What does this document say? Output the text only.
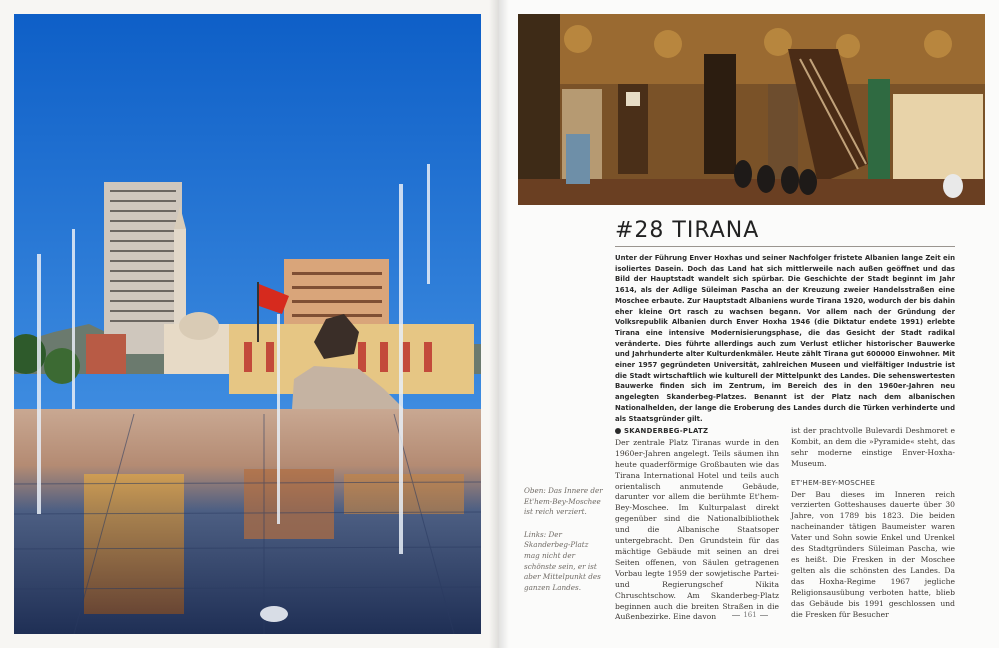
Oben: Das Innere der Et'hem-Bey-Moschee ist reich verziert.

Links: Der Skanderbeg-Platz mag nicht der schönste sein, er ist aber Mittelpunkt des ganzen Landes.

#28 TIRANA
Unter der Führung Enver Hoxhas und seiner Nachfolger fristete Albanien lange Zeit ein isoliertes Dasein. Doch das Land hat sich mittlerweile nach außen geöffnet und das Bild der Hauptstadt wandelt sich spürbar. Die Geschichte der Stadt beginnt im Jahr 1614, als der Adlige Süleiman Pascha an der Kreuzung zweier Handelsstraßen eine Moschee erbaute. Zur Hauptstadt Albaniens wurde Tirana 1920, wodurch der bis dahin eher kleine Ort rasch zu wachsen begann. Vor allem nach der Gründung der Volksrepublik Albanien durch Enver Hoxha 1946 (die Diktatur endete 1991) erlebte Tirana eine intensive Modernisierungsphase, die das Gesicht der Stadt radikal veränderte. Dies führte allerdings auch zum Verlust etlicher historischer Bauwerke und Jahrhunderte alter Kulturdenkmäler. Heute zählt Tirana gut 600000 Einwohner. Mit einer 1957 gegründeten Universität, zahlreichen Museen und vielfältiger Industrie ist die Stadt wirtschaftlich wie kulturell der Mittelpunkt des Landes. Die sehenswertesten Bauwerke finden sich im Zentrum, im Bereich des in den 1960er-Jahren neu angelegten Skanderbeg-Platzes. Benannt ist der Platz nach dem albanischen Nationalhelden, der lange die Eroberung des Landes durch die Türken verhinderte und als Staatsgründer gilt.
SKANDERBEG-PLATZ

Der zentrale Platz Tiranas wurde in den 1960er-Jahren angelegt. Teils säumen ihn heute quaderförmige Großbauten wie das Tirana International Hotel und teils auch orientalisch anmutende Gebäude, darunter vor allem die berühmte Et'hem-Bey-Moschee. Im Kulturpalast direkt gegenüber sind die Nationalbibliothek und die Albanische Staatsoper untergebracht. Den Grundstein für das mächtige Gebäude mit seinen an drei Seiten offenen, von Säulen getragenen Vorbau legte 1959 der sowjetische Partei- und Regierungschef Nikita Chruschtschow. Am Skanderbeg-Platz beginnen auch die breiten Straßen in die Außenbezirke. Eine davon

ist der prachtvolle Bulevardi Deshmoret e Kombit, an dem die »Pyramide« steht, das sehr moderne einstige Enver-Hoxha-Museum.

ET'HEM-BEY-MOSCHEE

Der Bau dieses im Inneren reich verzierten Gotteshauses dauerte über 30 Jahre, von 1789 bis 1823. Die beiden nacheinander tätigen Baumeister waren Vater und Sohn sowie Enkel und Urenkel des Stadtgründers Süleiman Pascha, wie es heißt. Die Fresken in der Moschee gelten als die schönsten des Landes. Da das Hoxha-Regime 1967 jegliche Religionsausübung verboten hatte, blieb das Gebäude bis 1991 geschlossen und die Fresken für Besucher

161
